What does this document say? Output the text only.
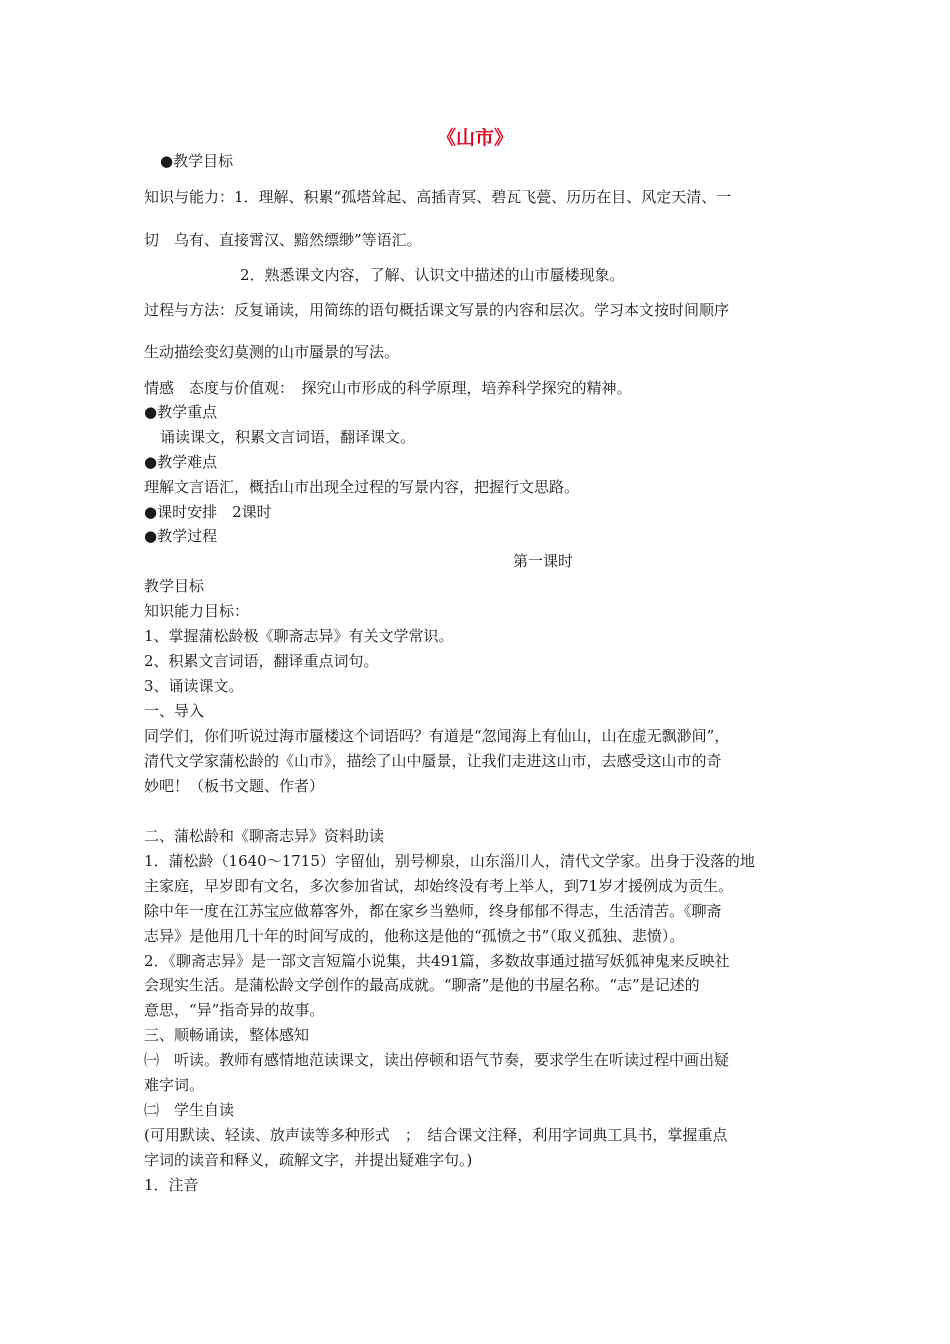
《山市》
●教学目标
知识与能力：1．理解、积累“孤塔耸起、高插青冥、碧瓦飞甍、历历在目、风定天清、一
切　乌有、直接霄汉、黯然缥缈”等语汇。
2．熟悉课文内容，了解、认识文中描述的山市蜃楼现象。
过程与方法：反复诵读，用简练的语句概括课文写景的内容和层次。学习本文按时间顺序
生动描绘变幻莫测的山市蜃景的写法。
情感　态度与价值观：　探究山市形成的科学原理，培养科学探究的精神。
●教学重点
诵读课文，积累文言词语，翻译课文。
●教学难点
理解文言语汇，概括山市出现全过程的写景内容，把握行文思路。
●课时安排　2课时
●教学过程
第一课时
教学目标
知识能力目标：
1、掌握蒲松龄极《聊斋志异》有关文学常识。
2、积累文言词语，翻译重点词句。
3、诵读课文。
一、导入
同学们，你们听说过海市蜃楼这个词语吗？有道是“忽闻海上有仙山，山在虚无飘渺间”，
清代文学家蒲松龄的《山市》，描绘了山中蜃景，让我们走进这山市，去感受这山市的奇
妙吧！（板书文题、作者）
二、蒲松龄和《聊斋志异》资料助读
1．蒲松龄（1640～1715）字留仙，别号柳泉，山东淄川人，清代文学家。出身于没落的地
主家庭，早岁即有文名，多次参加省试，却始终没有考上举人，到71岁才援例成为贡生。
除中年一度在江苏宝应做幕客外，都在家乡当塾师，终身郁郁不得志，生活清苦。《聊斋
志异》是他用几十年的时间写成的，他称这是他的“孤愤之书”（取义孤独、悲愤）。
2．《聊斋志异》是一部文言短篇小说集，共491篇，多数故事通过描写妖狐神鬼来反映社
会现实生活。是蒲松龄文学创作的最高成就。“聊斋”是他的书屋名称。“志”是记述的
意思，“异”指奇异的故事。
三、顺畅诵读，整体感知
㈠　听读。教师有感情地范读课文，读出停顿和语气节奏，要求学生在听读过程中画出疑
难字词。
㈡　学生自读
(可用默读、轻读、放声读等多种形式　；　结合课文注释，利用字词典工具书，掌握重点
字词的读音和释义，疏解文字，并提出疑难字句。)
1．注音
